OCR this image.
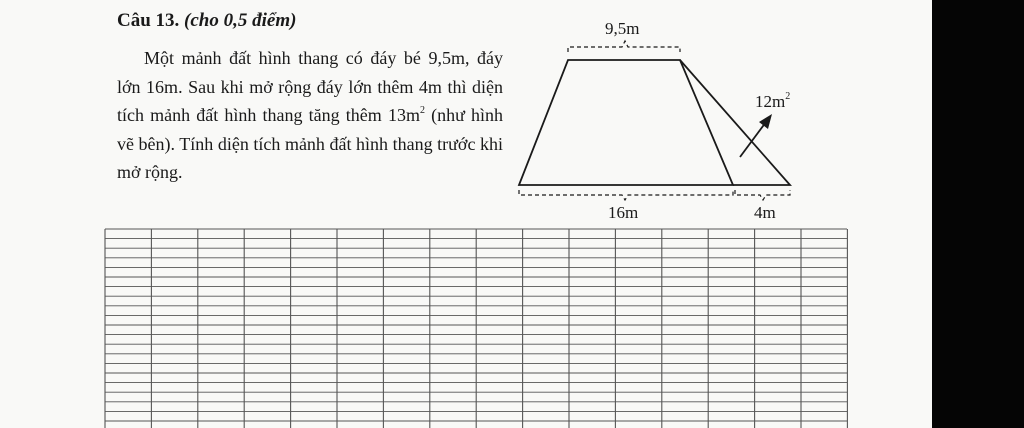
Câu 13. (cho 0,5 điểm)

Một mảnh đất hình thang có đáy bé 9,5m, đáy lớn 16m. Sau khi mở rộng đáy lớn thêm 4m thì diện tích mảnh đất hình thang tăng thêm $13m^2$ (như hình vẽ bên). Tính diện tích mảnh đất hình thang trước khi mở rộng.

9,5m
16m	4m
$12m^2$
